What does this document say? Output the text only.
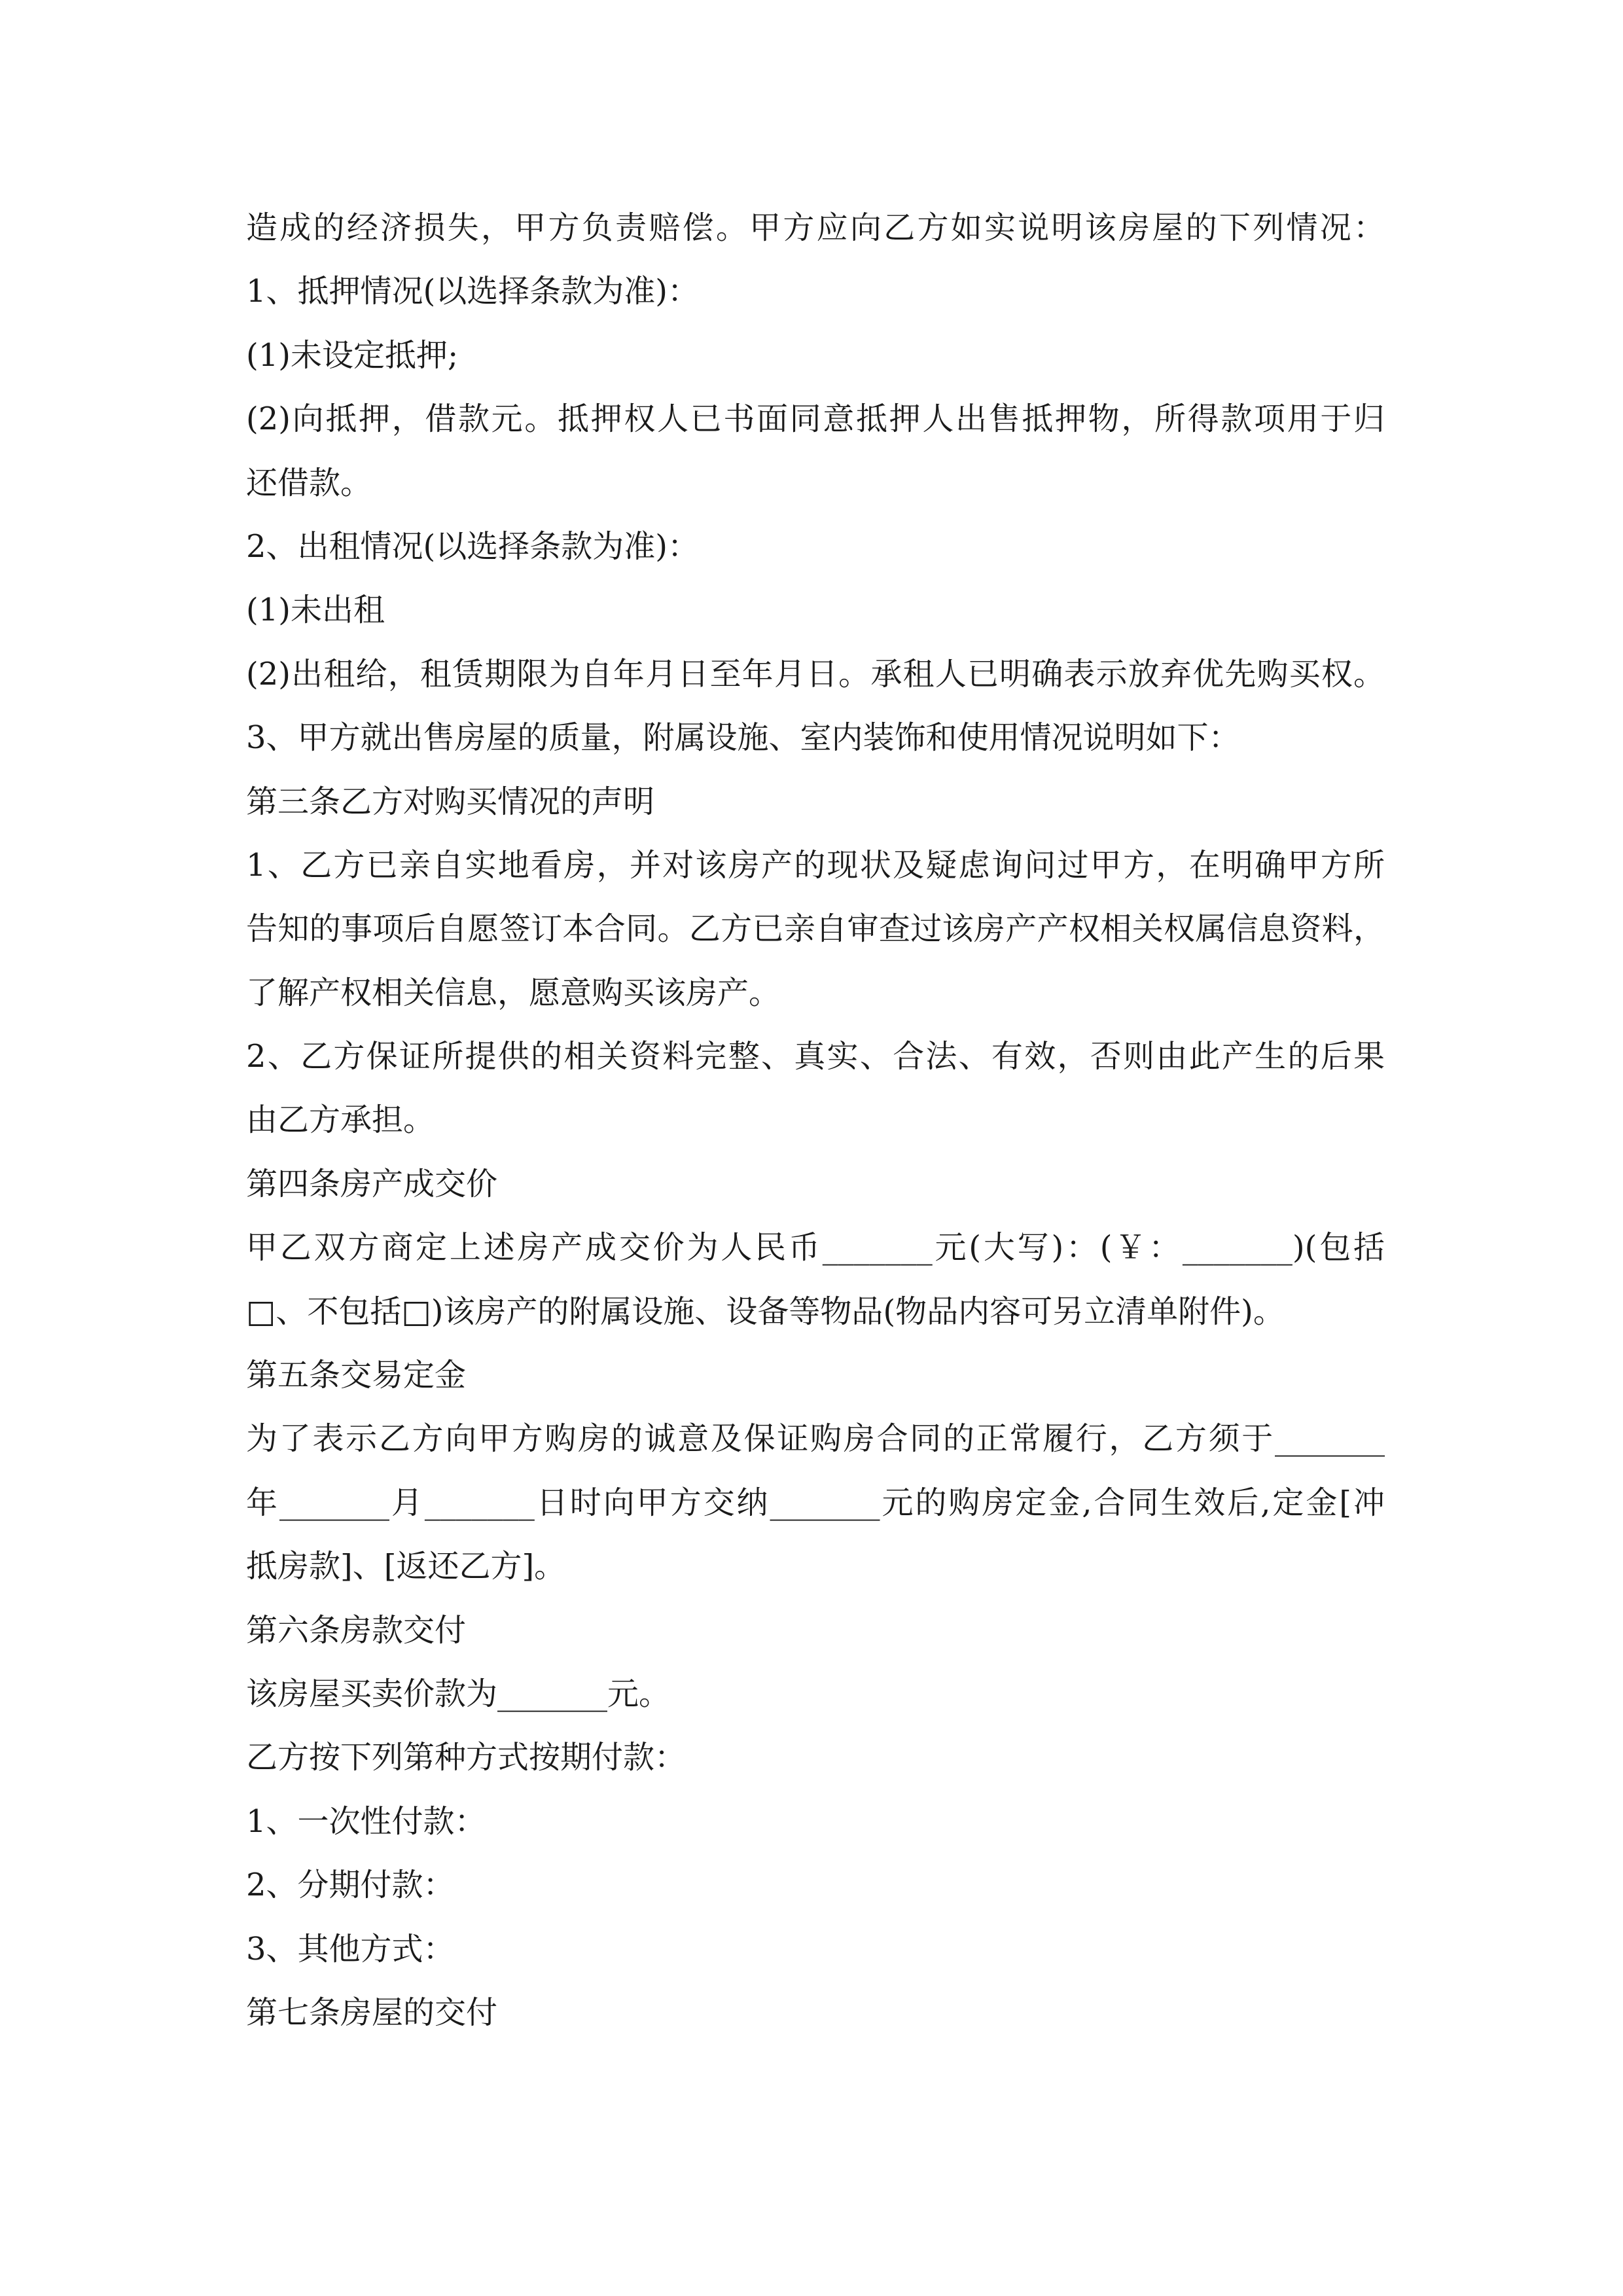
造成的经济损失，甲方负责赔偿。甲方应向乙方如实说明该房屋的下列情况：
1、抵押情况(以选择条款为准)：
(1)未设定抵押;
(2)向抵押，借款元。抵押权人已书面同意抵押人出售抵押物，所得款项用于归
还借款。
2、出租情况(以选择条款为准)：
(1)未出租
(2)出租给，租赁期限为自年月日至年月日。承租人已明确表示放弃优先购买权。
3、甲方就出售房屋的质量，附属设施、室内装饰和使用情况说明如下：
第三条乙方对购买情况的声明
1、乙方已亲自实地看房，并对该房产的现状及疑虑询问过甲方，在明确甲方所
告知的事项后自愿签订本合同。乙方已亲自审查过该房产产权相关权属信息资料，
了解产权相关信息，愿意购买该房产。
2、乙方保证所提供的相关资料完整、真实、合法、有效，否则由此产生的后果
由乙方承担。
第四条房产成交价
甲乙双方商定上述房产成交价为人民币_______元(大写)：(￥：_______)(包括
□、不包括□)该房产的附属设施、设备等物品(物品内容可另立清单附件)。
第五条交易定金
为了表示乙方向甲方购房的诚意及保证购房合同的正常履行，乙方须于_______
年_______月_______日时向甲方交纳_______元的购房定金,合同生效后,定金[冲
抵房款]、[返还乙方]。
第六条房款交付
该房屋买卖价款为_______元。
乙方按下列第种方式按期付款：
1、一次性付款：
2、分期付款：
3、其他方式：
第七条房屋的交付
